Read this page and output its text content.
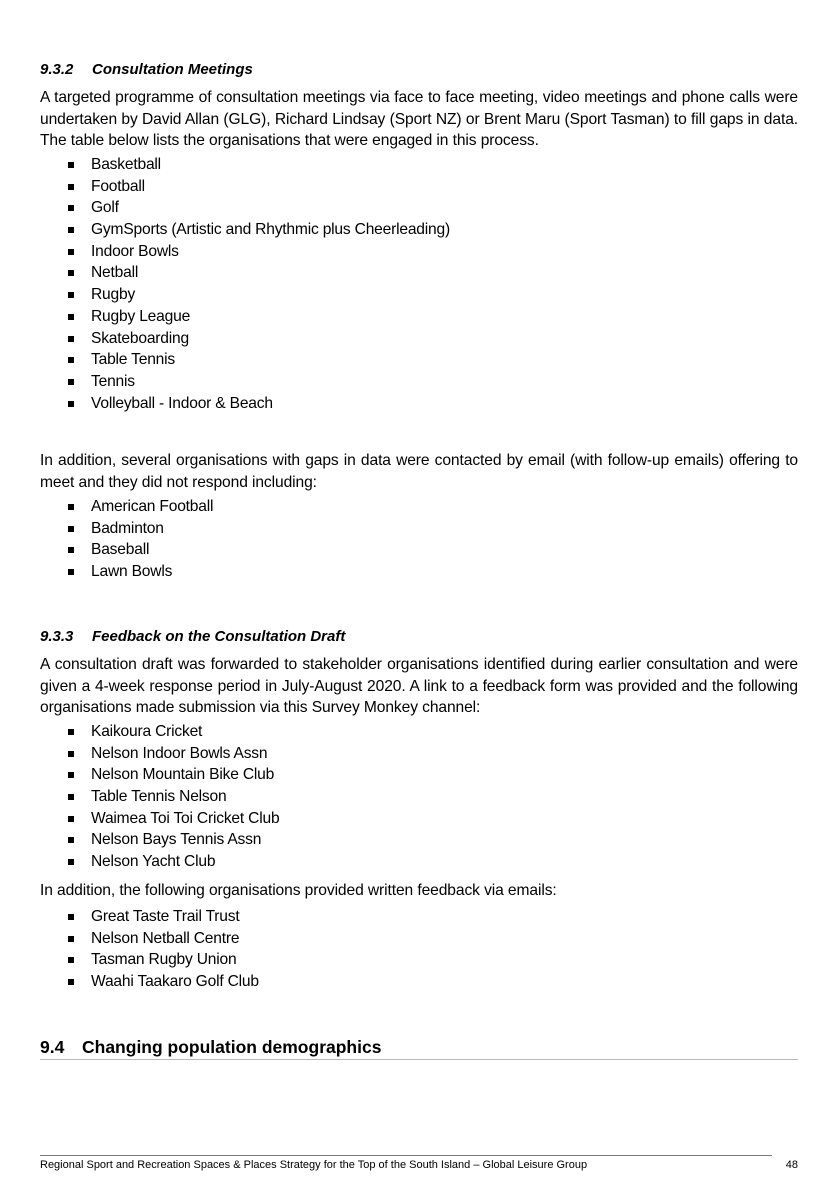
9.3.2 Consultation Meetings

A targeted programme of consultation meetings via face to face meeting, video meetings and phone calls were undertaken by David Allan (GLG), Richard Lindsay (Sport NZ) or Brent Maru (Sport Tasman) to fill gaps in data. The table below lists the organisations that were engaged in this process.

Basketball
Football
Golf
GymSports (Artistic and Rhythmic plus Cheerleading)
Indoor Bowls
Netball
Rugby
Rugby League
Skateboarding
Table Tennis
Tennis
Volleyball - Indoor & Beach

In addition, several organisations with gaps in data were contacted by email (with follow-up emails) offering to meet and they did not respond including:

American Football
Badminton
Baseball
Lawn Bowls
9.3.3 Feedback on the Consultation Draft

A consultation draft was forwarded to stakeholder organisations identified during earlier consultation and were given a 4-week response period in July-August 2020. A link to a feedback form was provided and the following organisations made submission via this Survey Monkey channel:

Kaikoura Cricket
Nelson Indoor Bowls Assn
Nelson Mountain Bike Club
Table Tennis Nelson
Waimea Toi Toi Cricket Club
Nelson Bays Tennis Assn
Nelson Yacht Club

In addition, the following organisations provided written feedback via emails:

Great Taste Trail Trust
Nelson Netball Centre
Tasman Rugby Union
Waahi Taakaro Golf Club
9.4 Changing population demographics
Regional Sport and Recreation Spaces & Places Strategy for the Top of the South Island – Global Leisure Group	48
